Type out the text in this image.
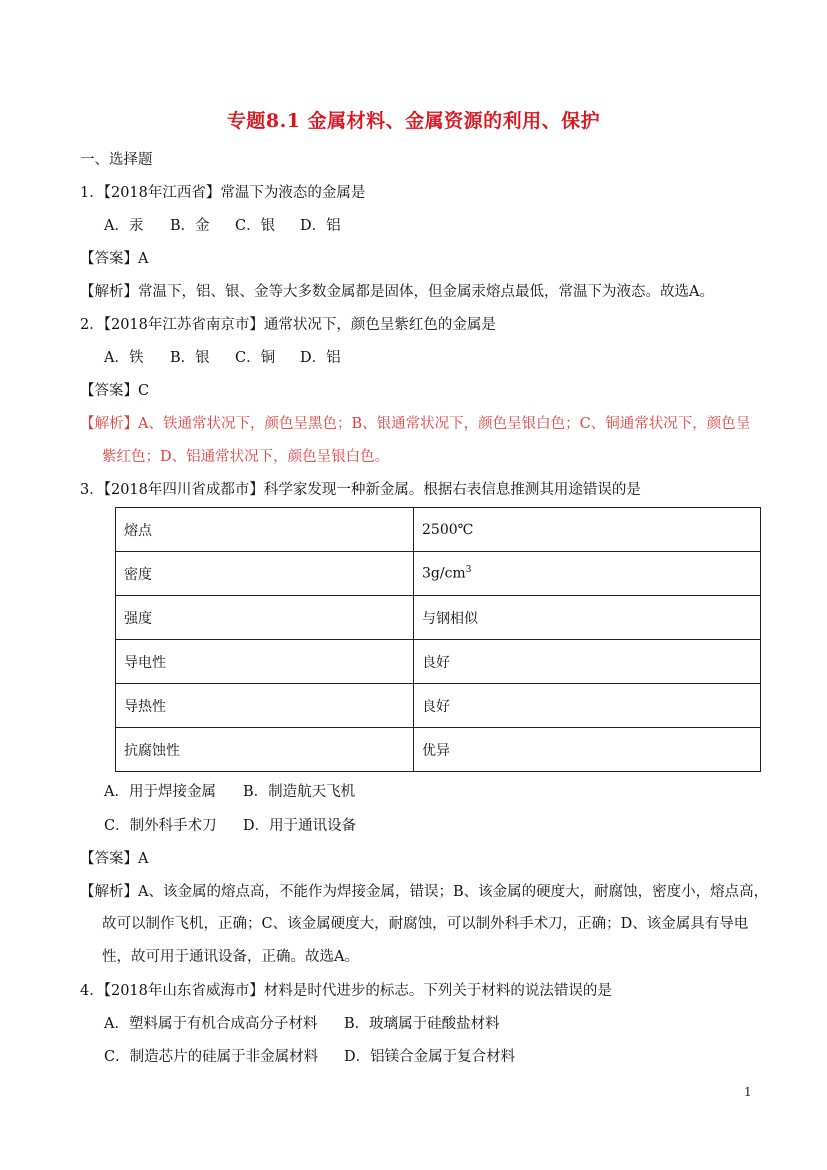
专题8.1 金属材料、金属资源的利用、保护
一、选择题
1．【2018年江西省】常温下为液态的金属是
A．汞 B．金 C．银 D．铝
【答案】A
【解析】常温下，铝、银、金等大多数金属都是固体，但金属汞熔点最低，常温下为液态。故选A。
2．【2018年江苏省南京市】通常状况下，颜色呈紫红色的金属是
A．铁 B．银 C．铜 D．铝
【答案】C
【解析】A、铁通常状况下，颜色呈黑色；B、银通常状况下，颜色呈银白色；C、铜通常状况下，颜色呈
紫红色；D、铝通常状况下，颜色呈银白色。
3．【2018年四川省成都市】科学家发现一种新金属。根据右表信息推测其用途错误的是
熔点	2500℃
密度	$3g/cm^3$
强度	与钢相似
导电性	良好
导热性	良好
抗腐蚀性	优异
A．用于焊接金属 B．制造航天飞机
C．制外科手术刀 D．用于通讯设备
【答案】A
【解析】A、该金属的熔点高，不能作为焊接金属，错误；B、该金属的硬度大，耐腐蚀，密度小，熔点高，
故可以制作飞机，正确；C、该金属硬度大，耐腐蚀，可以制外科手术刀，正确；D、该金属具有导电
性，故可用于通讯设备，正确。故选A。
4．【2018年山东省威海市】材料是时代进步的标志。下列关于材料的说法错误的是
A．塑料属于有机合成高分子材料 B．玻璃属于硅酸盐材料
C．制造芯片的硅属于非金属材料 D．铝镁合金属于复合材料
1
